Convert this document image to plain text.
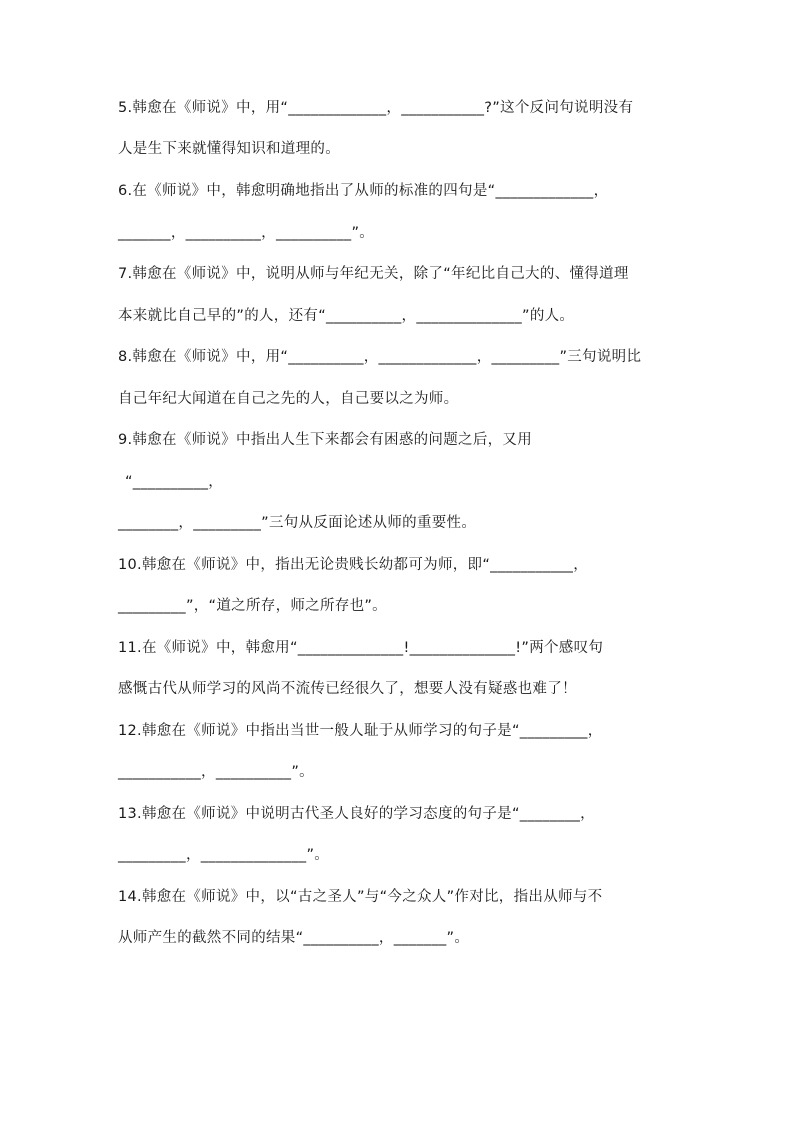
5.韩愈在《师说》中，用“_____________，___________?”这个反问句说明没有
人是生下来就懂得知识和道理的。
6.在《师说》中，韩愈明确地指出了从师的标准的四句是“_____________，
_______，__________，__________”。
7.韩愈在《师说》中，说明从师与年纪无关，除了“年纪比自己大的、懂得道理
本来就比自己早的”的人，还有“__________，______________”的人。
8.韩愈在《师说》中，用“__________，_____________，_________”三句说明比
自己年纪大闻道在自己之先的人，自己要以之为师。
9.韩愈在《师说》中指出人生下来都会有困惑的问题之后，又用
“__________，
________，_________”三句从反面论述从师的重要性。
10.韩愈在《师说》中，指出无论贵贱长幼都可为师，即“___________，
_________”，“道之所存，师之所存也”。
11.在《师说》中，韩愈用“______________!______________!”两个感叹句
感慨古代从师学习的风尚不流传已经很久了，想要人没有疑惑也难了！
12.韩愈在《师说》中指出当世一般人耻于从师学习的句子是“_________，
___________，__________”。
13.韩愈在《师说》中说明古代圣人良好的学习态度的句子是“________，
_________，______________”。
14.韩愈在《师说》中，以“古之圣人”与“今之众人”作对比，指出从师与不
从师产生的截然不同的结果“__________，_______”。
